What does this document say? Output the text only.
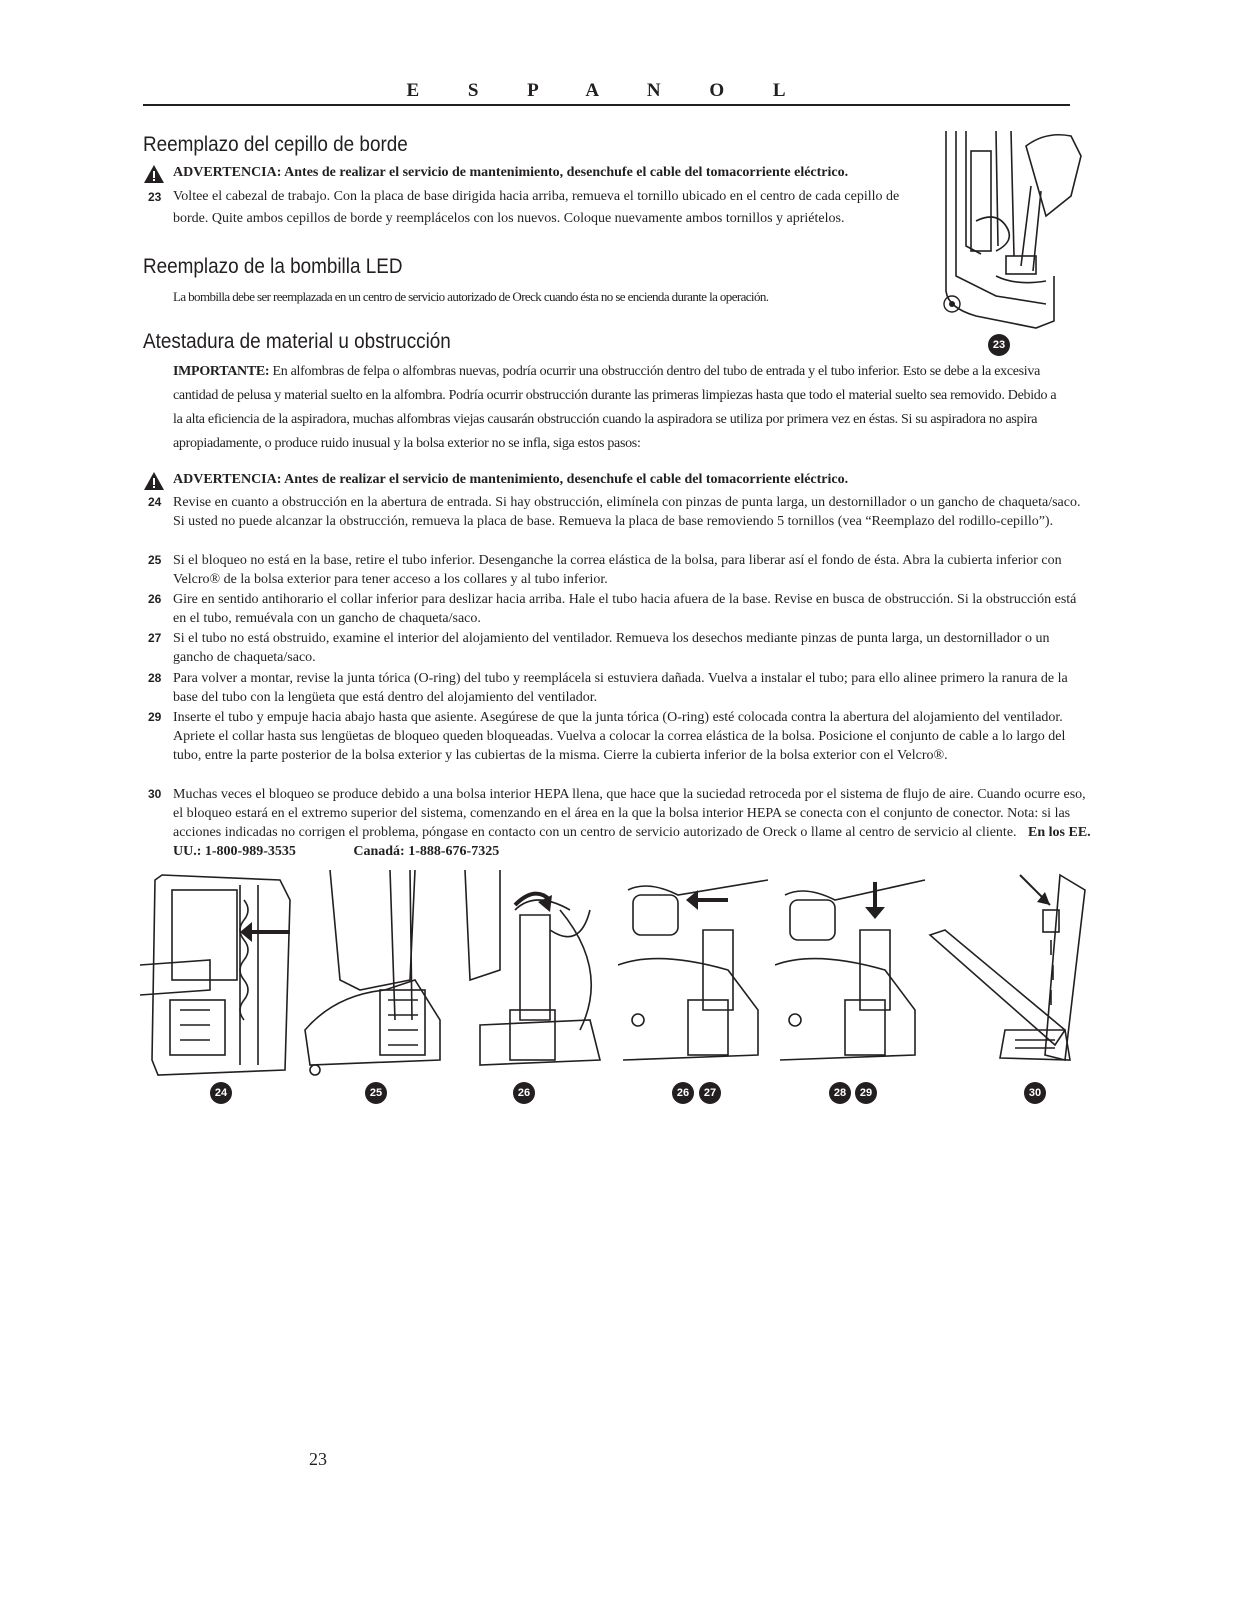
E S P A N O L
Reemplazo del cepillo de borde
ADVERTENCIA: Antes de realizar el servicio de mantenimiento, desenchufe el cable del tomacorriente eléctrico.
23 Voltee el cabezal de trabajo. Con la placa de base dirigida hacia arriba, remueva el tornillo ubicado en el centro de cada cepillo de borde. Quite ambos cepillos de borde y reemplácelos con los nuevos. Coloque nuevamente ambos tornillos y apriételos.
Reemplazo de la bombilla LED
La bombilla debe ser reemplazada en un centro de servicio autorizado de Oreck cuando ésta no se encienda durante la operación.
23
Atestadura de material u obstrucción
IMPORTANTE: En alfombras de felpa o alfombras nuevas, podría ocurrir una obstrucción dentro del tubo de entrada y el tubo inferior. Esto se debe a la excesiva cantidad de pelusa y material suelto en la alfombra. Podría ocurrir obstrucción durante las primeras limpiezas hasta que todo el material suelto sea removido. Debido a la alta eficiencia de la aspiradora, muchas alfombras viejas causarán obstrucción cuando la aspiradora se utiliza por primera vez en éstas. Si su aspiradora no aspira apropiadamente, o produce ruido inusual y la bolsa exterior no se infla, siga estos pasos:
ADVERTENCIA: Antes de realizar el servicio de mantenimiento, desenchufe el cable del tomacorriente eléctrico.
24 Revise en cuanto a obstrucción en la abertura de entrada. Si hay obstrucción, elimínela con pinzas de punta larga, un destornillador o un gancho de chaqueta/saco. Si usted no puede alcanzar la obstrucción, remueva la placa de base. Remueva la placa de base removiendo 5 tornillos (vea “Reemplazo del rodillo-cepillo”).
25 Si el bloqueo no está en la base, retire el tubo inferior. Desenganche la correa elástica de la bolsa, para liberar así el fondo de ésta. Abra la cubierta inferior con Velcro® de la bolsa exterior para tener acceso a los collares y al tubo inferior.
26 Gire en sentido antihorario el collar inferior para deslizar hacia arriba. Hale el tubo hacia afuera de la base. Revise en busca de obstrucción. Si la obstrucción está en el tubo, remuévala con un gancho de chaqueta/saco.
27 Si el tubo no está obstruido, examine el interior del alojamiento del ventilador. Remueva los desechos mediante pinzas de punta larga, un destornillador o un gancho de chaqueta/saco.
28 Para volver a montar, revise la junta tórica (O-ring) del tubo y reemplácela si estuviera dañada. Vuelva a instalar el tubo; para ello alinee primero la ranura de la base del tubo con la lengüeta que está dentro del alojamiento del ventilador.
29 Inserte el tubo y empuje hacia abajo hasta que asiente. Asegúrese de que la junta tórica (O-ring) esté colocada contra la abertura del alojamiento del ventilador. Apriete el collar hasta sus lengüetas de bloqueo queden bloqueadas. Vuelva a colocar la correa elástica de la bolsa. Posicione el conjunto de cable a lo largo del tubo, entre la parte posterior de la bolsa exterior y las cubiertas de la misma. Cierre la cubierta inferior de la bolsa exterior con el Velcro®.
30 Muchas veces el bloqueo se produce debido a una bolsa interior HEPA llena, que hace que la suciedad retroceda por el sistema de flujo de aire. Cuando ocurre eso, el bloqueo estará en el extremo superior del sistema, comenzando en el área en la que la bolsa interior HEPA se conecta con el conjunto de conector. Nota: si las acciones indicadas no corrigen el problema, póngase en contacto con un centro de servicio autorizado de Oreck o llame al centro de servicio al cliente. En los EE. UU.: 1-800-989-3535	Canadá: 1-888-676-7325
24	25	26	26	27	28	29	30
23
